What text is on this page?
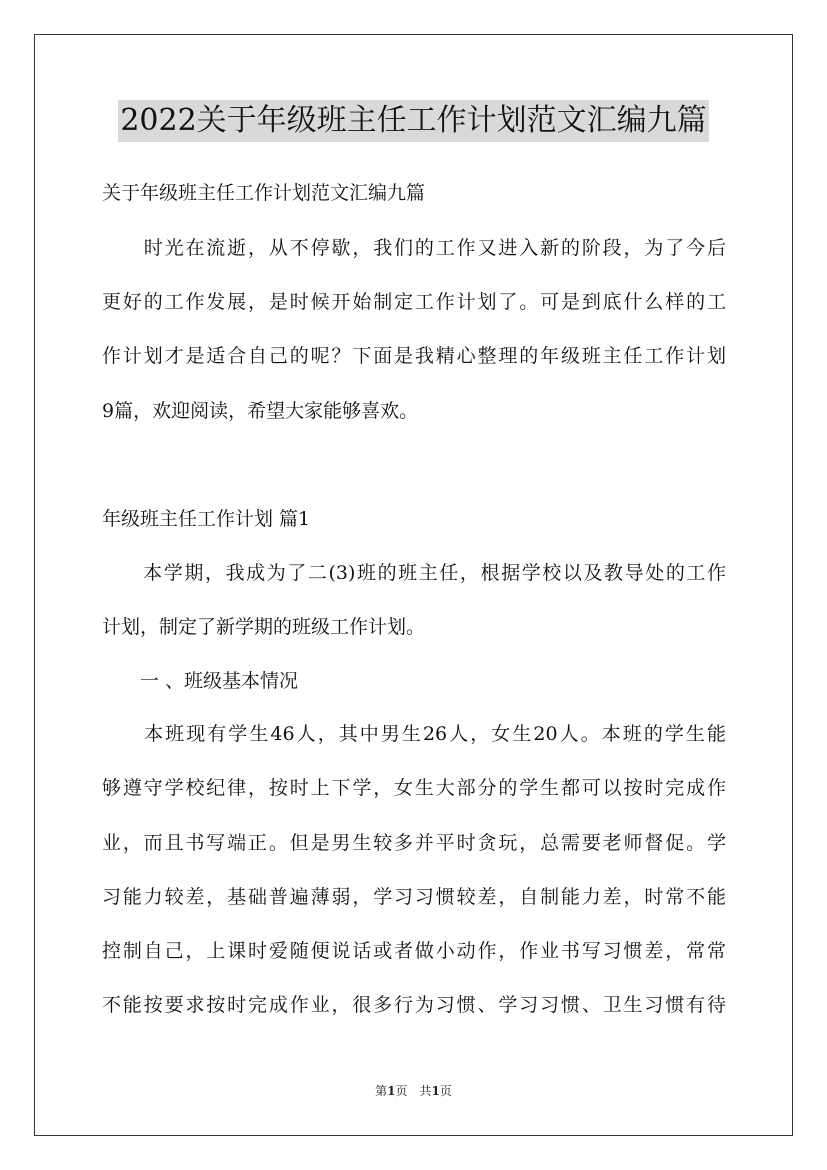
2022关于年级班主任工作计划范文汇编九篇
关于年级班主任工作计划范文汇编九篇
　　时光在流逝，从不停歇，我们的工作又进入新的阶段，为了今后
更好的工作发展，是时候开始制定工作计划了。可是到底什么样的工
作计划才是适合自己的呢？下面是我精心整理的年级班主任工作计划
9篇，欢迎阅读，希望大家能够喜欢。
年级班主任工作计划 篇1
　　本学期，我成为了二(3)班的班主任，根据学校以及教导处的工作
计划，制定了新学期的班级工作计划。
　　一 、班级基本情况
　　本班现有学生46人，其中男生26人，女生20人。本班的学生能
够遵守学校纪律，按时上下学，女生大部分的学生都可以按时完成作
业，而且书写端正。但是男生较多并平时贪玩，总需要老师督促。学
习能力较差，基础普遍薄弱，学习习惯较差，自制能力差，时常不能
控制自己，上课时爱随便说话或者做小动作，作业书写习惯差，常常
不能按要求按时完成作业，很多行为习惯、学习习惯、卫生习惯有待
第1页　共1页
